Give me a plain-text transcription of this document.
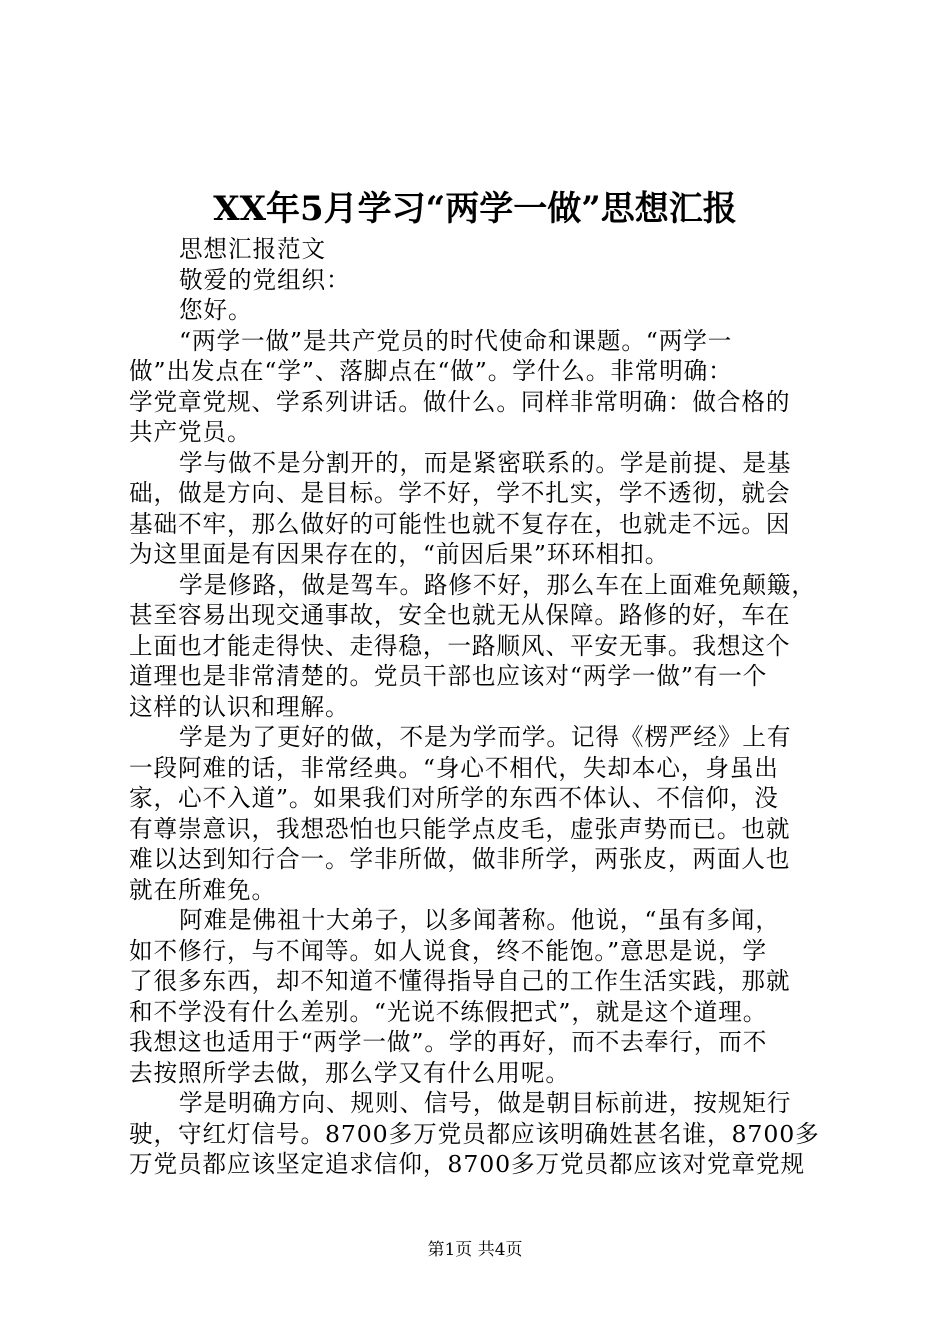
XX年5月学习“两学一做”思想汇报
思想汇报范文
敬爱的党组织：
您好。
“两学一做”是共产党员的时代使命和课题。“两学一
做”出发点在“学”、落脚点在“做”。学什么。非常明确：
学党章党规、学系列讲话。做什么。同样非常明确：做合格的
共产党员。
学与做不是分割开的，而是紧密联系的。学是前提、是基
础，做是方向、是目标。学不好，学不扎实，学不透彻，就会
基础不牢，那么做好的可能性也就不复存在，也就走不远。因
为这里面是有因果存在的，“前因后果”环环相扣。
学是修路，做是驾车。路修不好，那么车在上面难免颠簸，
甚至容易出现交通事故，安全也就无从保障。路修的好，车在
上面也才能走得快、走得稳，一路顺风、平安无事。我想这个
道理也是非常清楚的。党员干部也应该对“两学一做”有一个
这样的认识和理解。
学是为了更好的做，不是为学而学。记得《楞严经》上有
一段阿难的话，非常经典。“身心不相代，失却本心，身虽出
家，心不入道”。如果我们对所学的东西不体认、不信仰，没
有尊崇意识，我想恐怕也只能学点皮毛，虚张声势而已。也就
难以达到知行合一。学非所做，做非所学，两张皮，两面人也
就在所难免。
阿难是佛祖十大弟子，以多闻著称。他说，“虽有多闻，
如不修行，与不闻等。如人说食，终不能饱。”意思是说，学
了很多东西，却不知道不懂得指导自己的工作生活实践，那就
和不学没有什么差别。“光说不练假把式”，就是这个道理。
我想这也适用于“两学一做”。学的再好，而不去奉行，而不
去按照所学去做，那么学又有什么用呢。
学是明确方向、规则、信号，做是朝目标前进，按规矩行
驶，守红灯信号。8700多万党员都应该明确姓甚名谁，8700多
万党员都应该坚定追求信仰，8700多万党员都应该对党章党规
第1页 共4页
